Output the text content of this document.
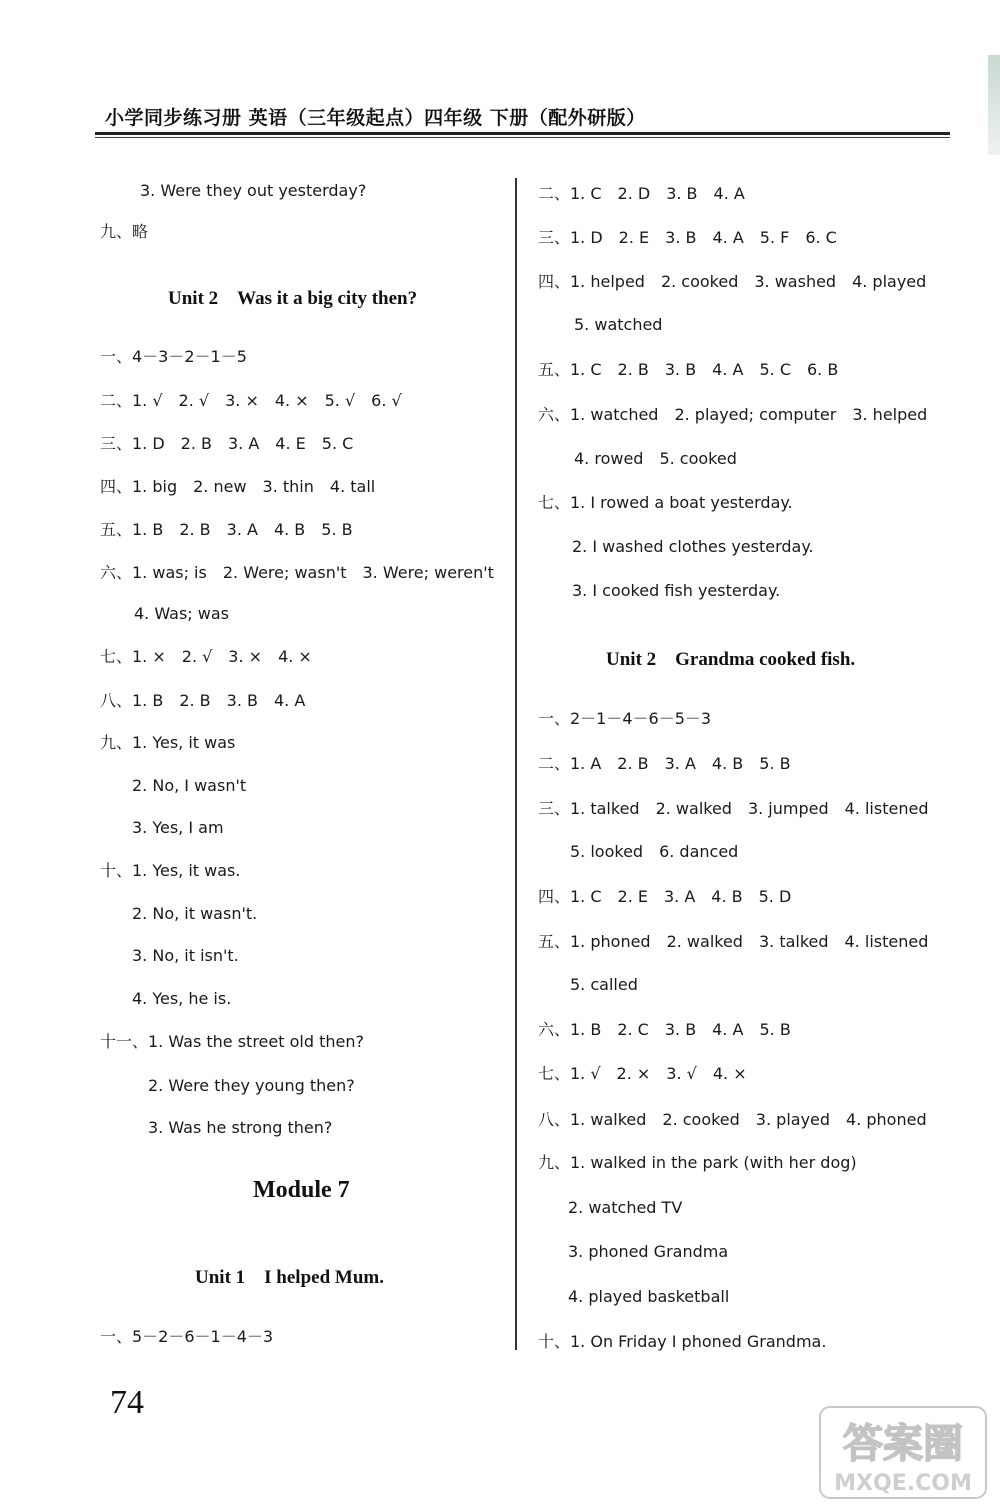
小学同步练习册 英语（三年级起点）四年级 下册（配外研版）
3. Were they out yesterday?
九、略
Unit 2　Was it a big city then?
一、4－3－2－1－5
二、1. √　2. √　3. ×　4. ×　5. √　6. √
三、1. D　2. B　3. A　4. E　5. C
四、1. big　2. new　3. thin　4. tall
五、1. B　2. B　3. A　4. B　5. B
六、1. was; is　2. Were; wasn't　3. Were; weren't
4. Was; was
七、1. ×　2. √　3. ×　4. ×
八、1. B　2. B　3. B　4. A
九、1. Yes, it was
2. No, I wasn't
3. Yes, I am
十、1. Yes, it was.
2. No, it wasn't.
3. No, it isn't.
4. Yes, he is.
十一、1. Was the street old then?
2. Were they young then?
3. Was he strong then?
Module 7
Unit 1　I helped Mum.
一、5－2－6－1－4－3
二、1. C　2. D　3. B　4. A
三、1. D　2. E　3. B　4. A　5. F　6. C
四、1. helped　2. cooked　3. washed　4. played
5. watched
五、1. C　2. B　3. B　4. A　5. C　6. B
六、1. watched　2. played; computer　3. helped
4. rowed　5. cooked
七、1. I rowed a boat yesterday.
2. I washed clothes yesterday.
3. I cooked fish yesterday.
Unit 2　Grandma cooked fish.
一、2－1－4－6－5－3
二、1. A　2. B　3. A　4. B　5. B
三、1. talked　2. walked　3. jumped　4. listened
5. looked　6. danced
四、1. C　2. E　3. A　4. B　5. D
五、1. phoned　2. walked　3. talked　4. listened
5. called
六、1. B　2. C　3. B　4. A　5. B
七、1. √　2. ×　3. √　4. ×
八、1. walked　2. cooked　3. played　4. phoned
九、1. walked in the park (with her dog)
2. watched TV
3. phoned Grandma
4. played basketball
十、1. On Friday I phoned Grandma.
74
答案圈
MXQE.COM
